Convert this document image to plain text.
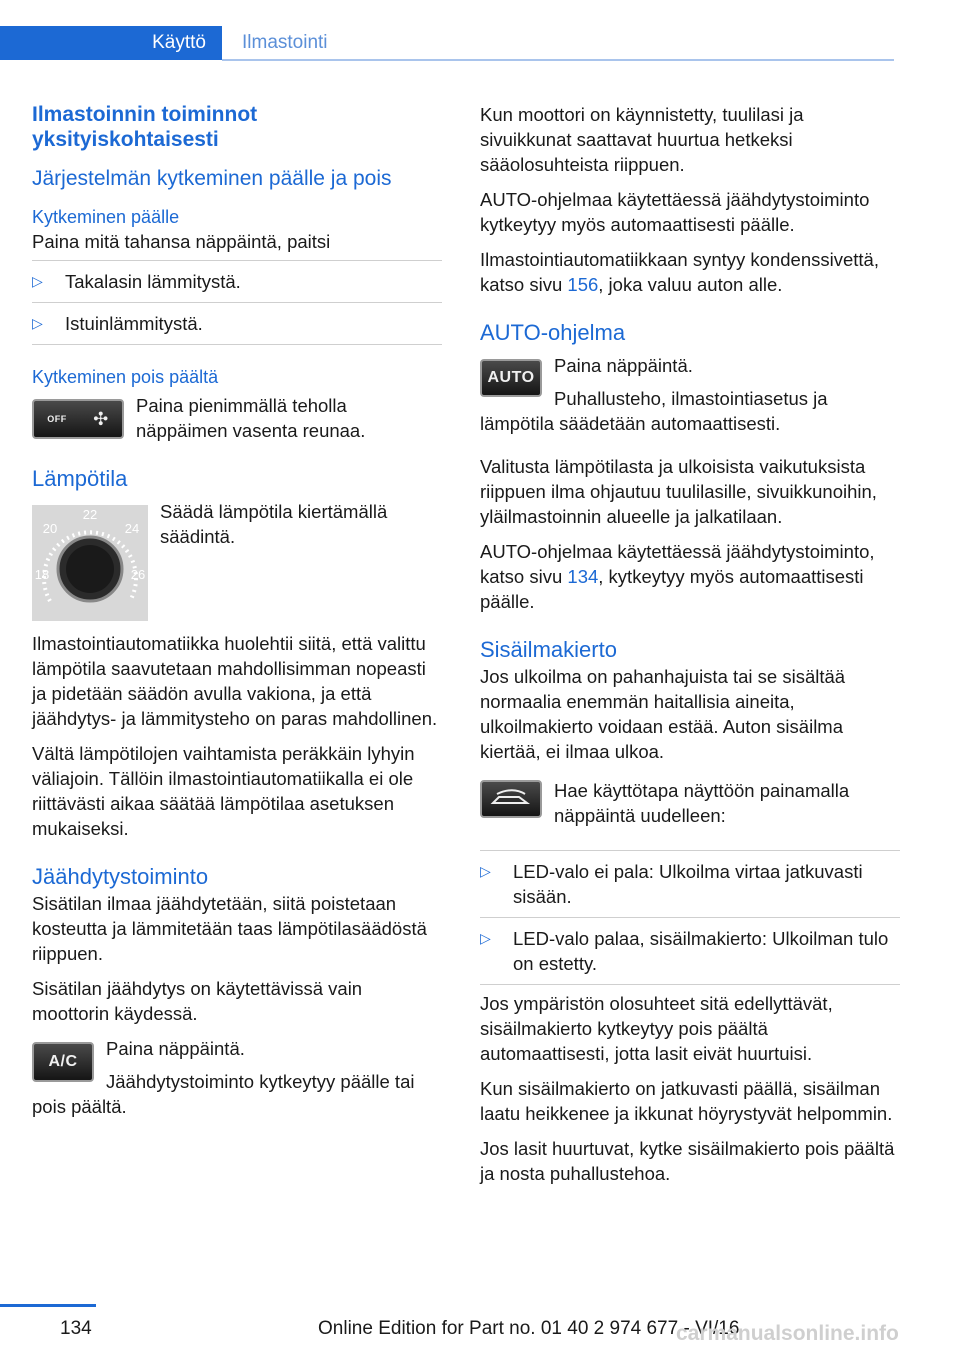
Käyttö	Ilmastointi
Ilmastoinnin toiminnot yksityiskohtaisesti
Järjestelmän kytkeminen päälle ja pois
Kytkeminen päälle

Paina mitä tahansa näppäintä, paitsi

▷	Takalasin lämmitystä.
▷	Istuinlämmitystä.
Kytkeminen pois päältä
OFF ✣

Paina pienimmällä teholla näppäimen vasenta reunaa.

Lämpötila
22
20	24
18	26

Säädä lämpötila kiertämällä säädintä.

Ilmastointiautomatiikka huolehtii siitä, että valittu lämpötila saavutetaan mahdollisimman nopeasti ja pidetään säädön avulla vakiona, ja että jäähdytys- ja lämmitysteho on paras mahdollinen.

Vältä lämpötilojen vaihtamista peräkkäin lyhyin väliajoin. Tällöin ilmastointiautomatiikalla ei ole riittävästi aikaa säätää lämpötilaa asetuksen mukaiseksi.

Jäähdytystoiminto

Sisätilan ilmaa jäähdytetään, siitä poistetaan kosteutta ja lämmitetään taas lämpötilasäädöstä riippuen.

Sisätilan jäähdytys on käytettävissä vain moottorin käydessä.

A/C

Paina näppäintä.

Jäähdytystoiminto kytkeytyy päälle tai pois päältä.

Kun moottori on käynnistetty, tuulilasi ja sivuikkunat saattavat huurtua hetkeksi sääolosuhteista riippuen.

AUTO-ohjelmaa käytettäessä jäähdytystoiminto kytkeytyy myös automaattisesti päälle.

Ilmastointiautomatiikkaan syntyy kondenssivettä, katso sivu 156, joka valuu auton alle.

AUTO-ohjelma
AUTO

Paina näppäintä.

Puhallusteho, ilmastointiasetus ja lämpötila säädetään automaattisesti.

Valitusta lämpötilasta ja ulkoisista vaikutuksista riippuen ilma ohjautuu tuulilasille, sivuikkunoihin, yläilmastoinnin alueelle ja jalkatilaan.

AUTO-ohjelmaa käytettäessä jäähdytystoiminto, katso sivu 134, kytkeytyy myös automaattisesti päälle.

Sisäilmakierto

Jos ulkoilma on pahanhajuista tai se sisältää normaalia enemmän haitallisia aineita, ulkoilmakierto voidaan estää. Auton sisäilma kiertää, ei ilmaa ulkoa.

Hae käyttötapa näyttöön painamalla näppäintä uudelleen:

▷	LED-valo ei pala: Ulkoilma virtaa jatkuvasti sisään.
▷	LED-valo palaa, sisäilmakierto: Ulkoilman tulo on estetty.

Jos ympäristön olosuhteet sitä edellyttävät, sisäilmakierto kytkeytyy pois päältä automaattisesti, jotta lasit eivät huurtuisi.

Kun sisäilmakierto on jatkuvasti päällä, sisäilman laatu heikkenee ja ikkunat höyrystyvät helpommin.

Jos lasit huurtuvat, kytke sisäilmakierto pois päältä ja nosta puhallustehoa.

134	Online Edition for Part no. 01 40 2 974 677 - VI/16
carmanualsonline.info
